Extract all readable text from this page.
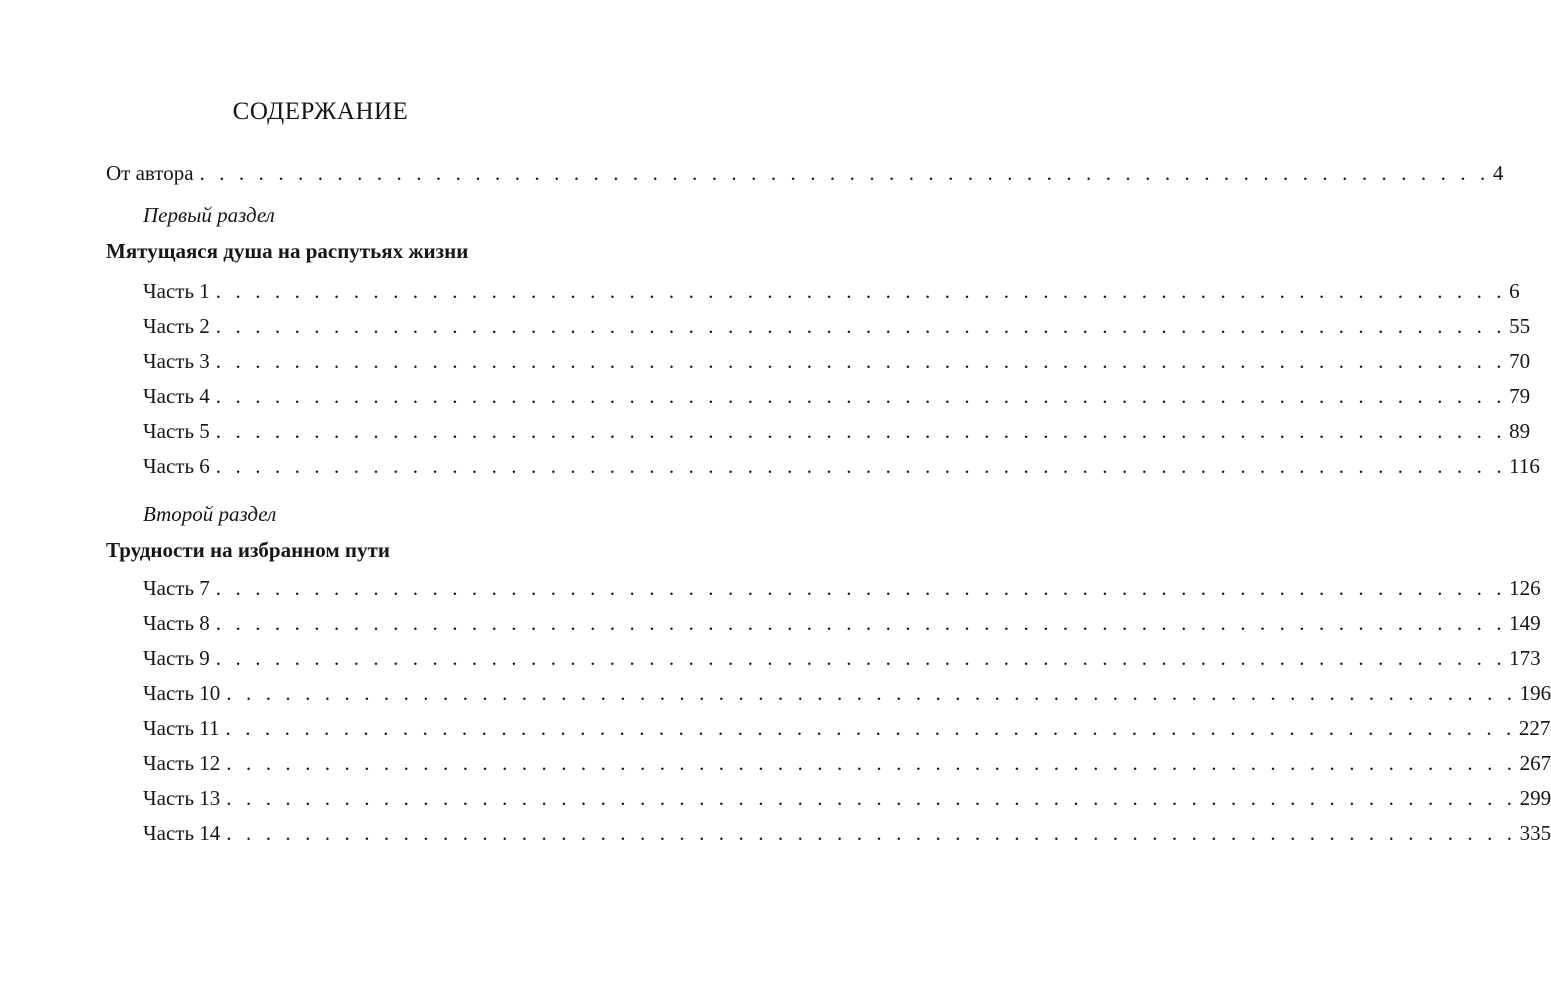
СОДЕРЖАНИЕ
От автора . . . . . . . . . . . . . . . . . . . . . . . . . . . . . . . . . . . . . . . . . . . . . . . . . . . . . . . . . . . . . . . . . . 4
Первый раздел
Мятущаяся душа на распутьях жизни
Часть 1 . . . . . . . . . . . . . . . . . . . . . . . . . . . . . . . . . . . . . . . . . . . . . . . . . . . . . . . . . . . . . . . . . . 6
Часть 2 . . . . . . . . . . . . . . . . . . . . . . . . . . . . . . . . . . . . . . . . . . . . . . . . . . . . . . . . . . . . . . . . . . 55
Часть 3 . . . . . . . . . . . . . . . . . . . . . . . . . . . . . . . . . . . . . . . . . . . . . . . . . . . . . . . . . . . . . . . . . . 70
Часть 4 . . . . . . . . . . . . . . . . . . . . . . . . . . . . . . . . . . . . . . . . . . . . . . . . . . . . . . . . . . . . . . . . . . 79
Часть 5 . . . . . . . . . . . . . . . . . . . . . . . . . . . . . . . . . . . . . . . . . . . . . . . . . . . . . . . . . . . . . . . . . . 89
Часть 6 . . . . . . . . . . . . . . . . . . . . . . . . . . . . . . . . . . . . . . . . . . . . . . . . . . . . . . . . . . . . . . . . . . 116
Второй раздел
Трудности на избранном пути
Часть 7 . . . . . . . . . . . . . . . . . . . . . . . . . . . . . . . . . . . . . . . . . . . . . . . . . . . . . . . . . . . . . . . . . . 126
Часть 8 . . . . . . . . . . . . . . . . . . . . . . . . . . . . . . . . . . . . . . . . . . . . . . . . . . . . . . . . . . . . . . . . . . 149
Часть 9 . . . . . . . . . . . . . . . . . . . . . . . . . . . . . . . . . . . . . . . . . . . . . . . . . . . . . . . . . . . . . . . . . . 173
Часть 10 . . . . . . . . . . . . . . . . . . . . . . . . . . . . . . . . . . . . . . . . . . . . . . . . . . . . . . . . . . . . . . . . . . 196
Часть 11 . . . . . . . . . . . . . . . . . . . . . . . . . . . . . . . . . . . . . . . . . . . . . . . . . . . . . . . . . . . . . . . . . . 227
Часть 12 . . . . . . . . . . . . . . . . . . . . . . . . . . . . . . . . . . . . . . . . . . . . . . . . . . . . . . . . . . . . . . . . . . 267
Часть 13 . . . . . . . . . . . . . . . . . . . . . . . . . . . . . . . . . . . . . . . . . . . . . . . . . . . . . . . . . . . . . . . . . . 299
Часть 14 . . . . . . . . . . . . . . . . . . . . . . . . . . . . . . . . . . . . . . . . . . . . . . . . . . . . . . . . . . . . . . . . . . 335
